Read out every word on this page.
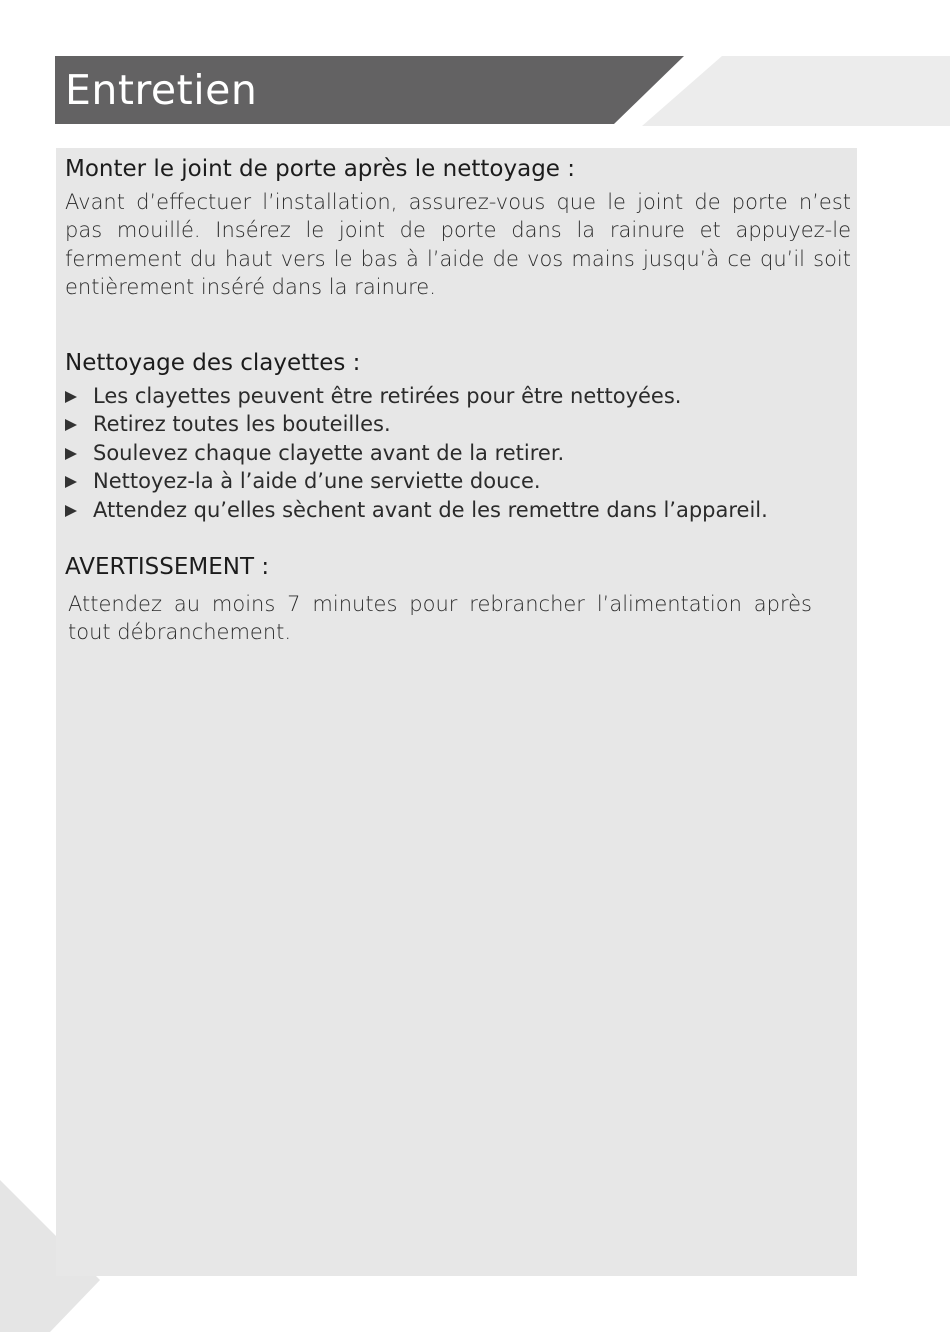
Entretien
Monter le joint de porte après le nettoyage :

Avant d’effectuer l’installation, assurez-vous que le joint de porte n’est pas mouillé. Insérez le joint de porte dans la rainure et appuyez-le fermement du haut vers le bas à l’aide de vos mains jusqu’à ce qu’il soit entièrement inséré dans la rainure.

Nettoyage des clayettes :
Les clayettes peuvent être retirées pour être nettoyées.
Retirez toutes les bouteilles.
Soulevez chaque clayette avant de la retirer.
Nettoyez-la à l’aide d’une serviette douce.
Attendez qu’elles sèchent avant de les remettre dans l’appareil.
AVERTISSEMENT :

Attendez au moins 7 minutes pour rebrancher l’alimentation après tout débranchement.
